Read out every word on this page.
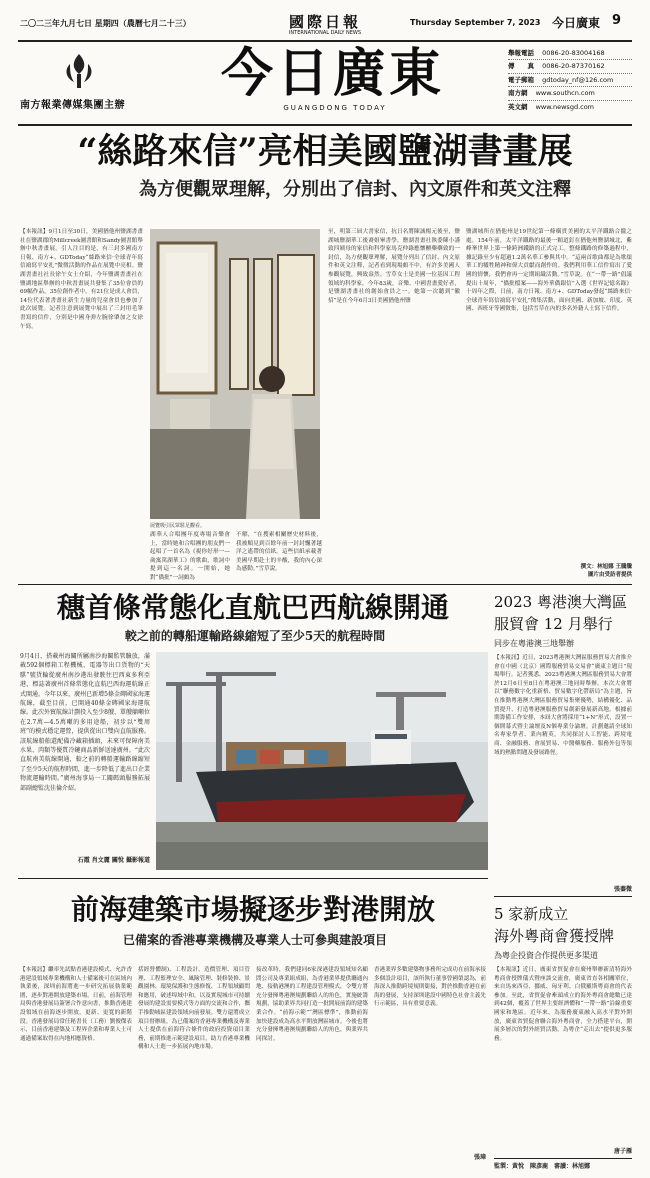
二〇二三年九月七日 星期四（農曆七月二十三）	國際日報
INTERNATIONAL DAILY NEWS
Thursday September 7, 2023 今日廣東 9
南方報業傳媒集團主辦
今日廣東
GUANGDONG TODAY
舉報電話 0086-20-83004168
傳　　真 0086-20-87370162
電子郵箱 gdtoday_nf@126.com
南方網 www.southcn.com
英文網 www.newsgd.com
“絲路來信”亮相美國鹽湖書畫展
為方便觀眾理解，分別出了信封、內文原件和英文注釋
【本報訊】9月1日至30日，美國猶他州鹽湖書畫社在鹽湖郡的Millcreek圖書館和Sandy圖書館舉辦中秋書畫展。引人注目的是，有三封多國南方日報、南方+、GDToday“絲路來信·全球青年寫信鴻寫平安扎”微徵活動的作品在展覽中亮相。鹽湖書畫社社長徐午女士介紹，今年鹽湖書畫社在鹽湖地區舉辦的中秋書畫展共發集了35位會員的69幅作品，35位創作者中，有21位是成人會員，14位代表著書畫社新生力量的兒童會員也參加了此次展覽。記者注意到展覽中展出了三封用毛筆書寫的信件，分別是中國身弹左腕徐肇加之女徐午寫。
展覽吸引民眾駐足觀看。
湖華人合唱團年度專場音樂會上，當時她和合唱團的朋友們一起唱了一首名為《視你好形一—歲寓篤湖華工》的歌曲，歌詞中提到這一名詞。一開始，她對“僑批”一詞頗為
不解，“在搜索相關歷史材料後，我被順見到百餘年前一封封飄著越洋之遙帶的信紙。這些信紙承載著美國早期赴土的辛酸，我的內心深為感動。”雪草說。
至，明第三屆大書家信，抗日名將陳誠楊元後至，鹽湖城鹽湖華工後裔姐畢書學。鹽湖書畫社執委陳小謹致四姨母的家信和科學家馬克仲錄應懷櫃藥藥致的一封信，為方便觀眾理解，展覽分列出了信封、內文原件和英文注釋，記者看到現場頗不中，有許多美國人参觀展覽，興致盎然。雪草女士是美國一位基因工程領域的科學家，今年83歲，音樂、中國書畫愛好者，是鹽湖書畫社的創始會員之一。她第一次聽到“徽招”是在今年6月3日美國猶他州鹽
鹽湖城所在猶他州是19世紀第一條橫貫美國的太平洋鐵路合攏之處。154年前，太平洋鐵路的最後一顆道釘在猶他州鹽湖城北，紫峰峯世界上第一條跨洲鐵路的正式完工。整條鐵路的修築過程中，據記錄至少有超過1.2萬名華工參與其中。“這兩首歌曲都是為歌頌華工的犧牲精神和偉大貢獻而創作的。我們利用華工信件寫出了愛國的情懷，我們會再一定期組織活動。”雪草說。在“一帶一路”倡議提出十周年，“僑批檔案——海外華僑銀信”入選《世界記憶名錄》十周年之際，日前，南方日報、南方+、GDToday發起“絲路來信·全球青年寫信鴻寫平安扎”徵集活動，面向美國、新加坡、印度、英國、西班牙等國徵集，包括雪草在內的多名外籍人士寫下信件。
撰文：林旭娜 王騰騰
圖片由受訪者提供
穗首條常態化直航巴西航線開通
較之前的轉船運輸路線縮短了至少5天的航程時間
9月4日，搭載州海關所屬南沙海關監管驗放，滿載592個標箱工程機械、電器等出口貨物的“天騏”號貨輪從廣州南沙港出發駛往巴西東多利亞港，標誌著廣州首條常態化直航巴西海運航線正式開通。今年以來，廣州已新增5條金磚國家海運航線，截至目前，已開通40條金磚國家海運航線。此次外貿航線計劃投入至少8艘、單艘艙噸位在2.7萬—4.5萬噸的多用途船，初步以“雙周班”的模式穩定運營，提供從出口雙向直航服務。該航線船舶還配備冷藏箱插頭，未來可保障南美水果、肉類等優質冷鏈商品新鮮送達廣州。“此次直航南美航線開通，較之前的轉船運輸路線縮短了至少5天的航程時間，進一步降低了進出口企業物流運輸時間。”廣州海事局一工關碼頭服務拓展部副總監沈佳倫介紹。
石霞 肖文麗 關悅 攝影報道
2023 粵港澳大灣區
服貿會 12 月舉行
同步在粵港澳三地舉辦
【本報訊】近日，2023粵港澳大灣區服務貿易大會推介會在中國（北京）國際服務貿易交易會“廣東主題日”現場舉行。記者獲悉，2023粵港澳大灣區服務貿易大會將於12月6日至8日在粵港澳三地同時舉辦。本次大會將以“聯務數字化重新格、貿易數字化帶新局”為主題，旨在推動粵港澳大灣區服務貿易集聚優勢，結構優化、品質提升，打造粵港澳服務貿易創新發展新高地。根據前期籌備工作安排，本屆大會將採用“1+N”形式，設置一個開幕式暨主論壇及N個專業分論壇。計劃邀請全球知名專家學者、業內精英，共同探討人工智能、跨境電商、金融服務、會展貿易、中醫藥服務、服務外包等領域的熱點問題及發展路徑。
張蓁微
5 家新成立
海外粵商會獲授牌
為粵企投資合作提供更多渠道
【本報訊】近日，廣東省貿促會在廣州舉辦新清特海外粵商會授牌儀式暨座談交流會，廣東省直各相關單位，來自馬來西亞、挪威、匈牙利、白俄羅斯粵商會的代表參加。至此，省貿促會牽頭成立的海外粵商會總數已達到42個，覆蓋了世界主要經濟體和“一帶一路”沿線重要國家和地區。近年來，為服務廣東融入高水平對外開放，廣東省貿促會聯合海外粵商會，全力搭建平台，開展多層次的對外經貿活動，為粵企“走出去”提供更多服務。
唐子雁
前海建築市場擬逐步對港開放
已備案的香港專業機構及專業人士可參與建設項目
【本報訊】繼率先試點香港建設模式、允許香港建設領域專業機構和人士備案後可在區域內執業後，深圳前海將進一步研究拓展執業範圍，逐步對港開放建築市場。日前，前海管理局與香港發展局簽署合作意向書，推動香港建設領域在前海逐步開放，更新、更寬的新階段。香港發展局常任秘書長（工務）劉俊傑表示，目前香港建築及工程界企業和專業人士可通過備案取得在內地相應資格。
括經營體制)、工程設計、造價管理、項目管理、工程監理安全、風險管理、裝修裝修、景觀園林、環境保護和生態修復、工程領域顧問和應用，破述埠域中和，以及實現城市可持續發展的建設需要模式等方面的交流和合作，攜手推動城區建設領域向前發展。雙方還將成立項目督辦組，為已備案的香港專業機構及專業人士提供在前海符合條件的政府投資項目業務，前期推進示範建設項目，助力香港專業機構和人士進一步拓展內地市場。
接改革時，我們建同6家深港建設領域知名顧問公司及專業組成組，為香港業界提供聯通內地、接軌港澳的工程建設管理模式，令雙方將充分發揮粵港澳規劃聯絡人的角色，實施統籌規劃，協助業界共同打造一批開展前海的建築業合作。“前海示範”“灣區標準”，推動前海加快建設成為高水平開放灣區城市。今後也將充分發揮粵港澳規劃聯絡人的角色，與業界共同探討。
香港業界多數建築物事務所完成功在前海承接多個設計項目，該所執行董事曾國榮認為，前海深入推動跨境規則銜接，對於推動香港在前海的發展，支持深圳建設中國特色社會主義先行示範區，具有重要意義。
張璋
監製：黃悅　陳彥鹿　審讀：林旭娜
